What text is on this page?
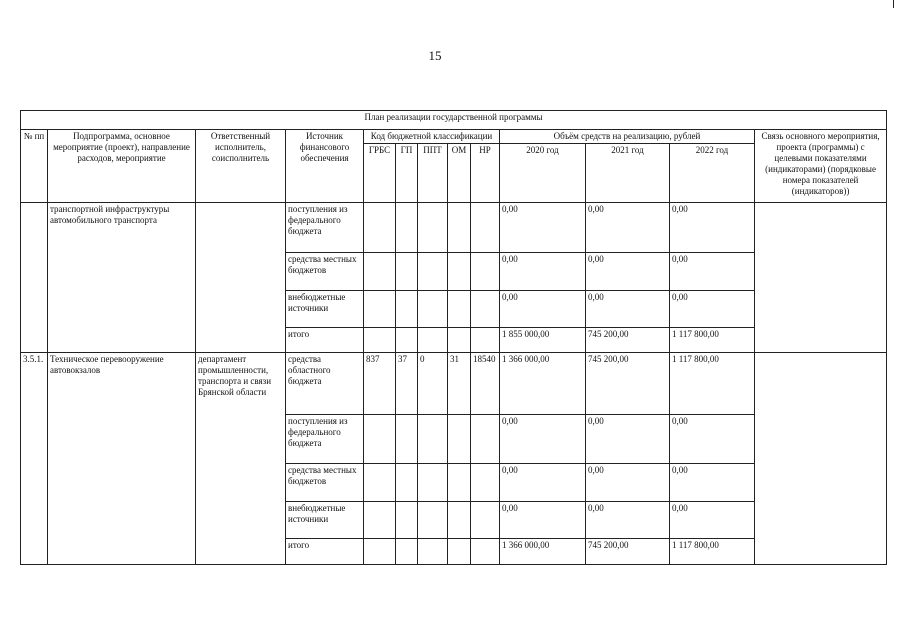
15
План реализации государственной программы												
№ пп	Подпрограмма, основное мероприятие (проект), направление расходов, мероприятие	Ответственный исполнитель, соисполнитель	Источник финансового обеспечения	Код бюджетной классификации					Объём средств на реализацию, рублей			Связь основного мероприятия, проекта (программы) с целевыми показателями (индикаторами) (порядковые номера показателей (индикаторов))
				ГРБС	ГП	ППТ	ОМ	НР	2020 год	2021 год	2022 год	
	транспортной инфраструктуры автомобильного транспорта		поступления из федерального бюджета						0,00	0,00	0,00	
			средства местных бюджетов						0,00	0,00	0,00	
			внебюджетные источники						0,00	0,00	0,00	
			итого						1 855 000,00	745 200,00	1 117 800,00	
3.5.1.	Техническое перевооружение автовокзалов	департамент промышленности, транспорта и связи Брянской области	средства областного бюджета	837	37	0	31	18540	1 366 000,00	745 200,00	1 117 800,00	
			поступления из федерального бюджета						0,00	0,00	0,00	
			средства местных бюджетов						0,00	0,00	0,00	
			внебюджетные источники						0,00	0,00	0,00	
			итого						1 366 000,00	745 200,00	1 117 800,00	
